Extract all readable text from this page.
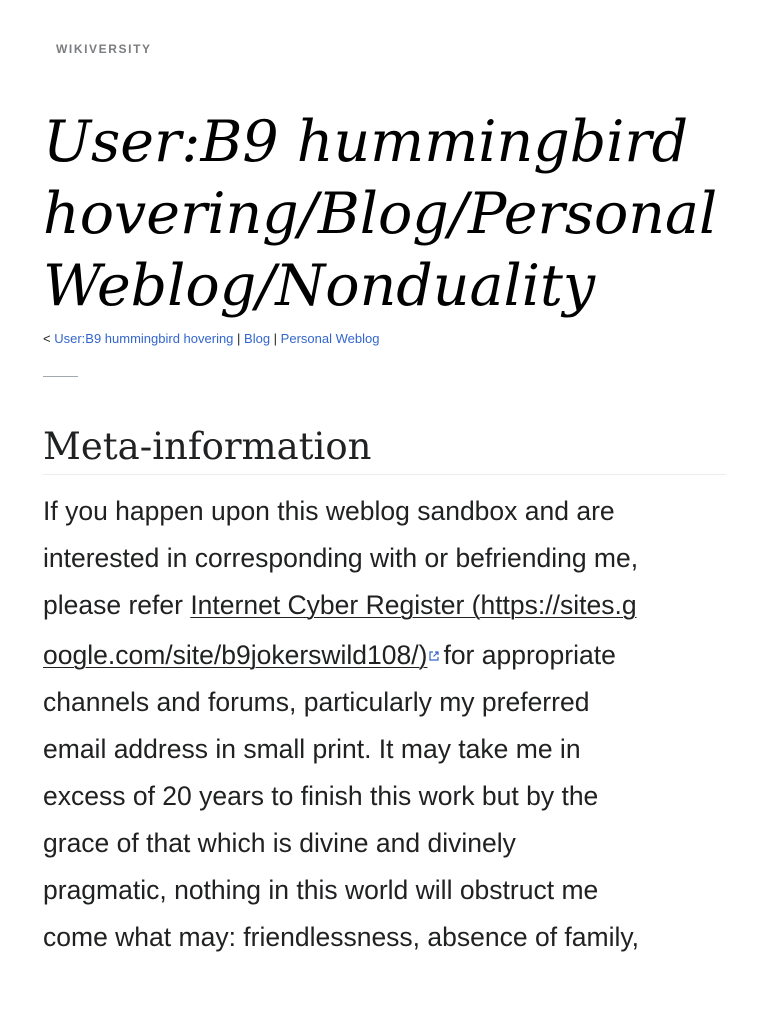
WIKIVERSITY
User:B9 hummingbird
hovering/Blog/Personal
Weblog/Nonduality
< User:B9 hummingbird hovering | Blog | Personal Weblog
Meta-information
If you happen upon this weblog sandbox and are
interested in corresponding with or befriending me,
please refer Internet Cyber Register (https://sites.g
oogle.com/site/b9jokerswild108/) for appropriate
channels and forums, particularly my preferred
email address in small print. It may take me in
excess of 20 years to finish this work but by the
grace of that which is divine and divinely
pragmatic, nothing in this world will obstruct me
come what may: friendlessness, absence of family,
